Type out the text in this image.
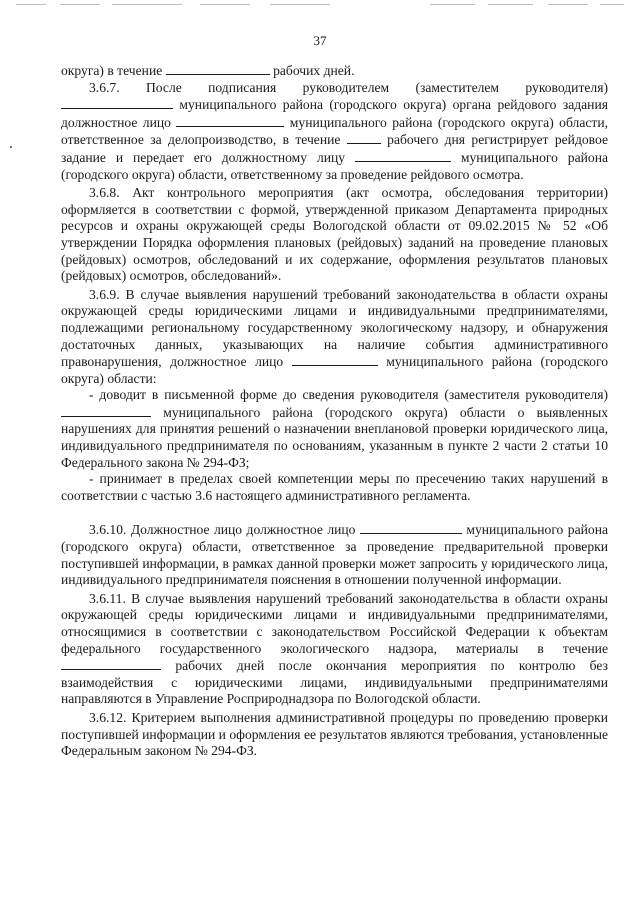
37

округа) в течение	рабочих дней.

3.6.7. После подписания руководителем (заместителем руководителя)  муниципального района (городского округа) органа рейдового задания должностное лицо	муниципального района (городского округа) области, ответственное за делопроизводство, в течение	рабочего дня регистрирует рейдовое задание и передает его должностному лицу	муниципального района (городского округа) области, ответственному за проведение рейдового осмотра.

3.6.8. Акт контрольного мероприятия (акт осмотра, обследования территории) оформляется в соответствии с формой, утвержденной приказом Департамента природных ресурсов и охраны окружающей среды Вологодской области от 09.02.2015 № 52 «Об утверждении Порядка оформления плановых (рейдовых) заданий на проведение плановых (рейдовых) осмотров, обследований и их содержание, оформления результатов плановых (рейдовых) осмотров, обследований».

3.6.9. В случае выявления нарушений требований законодательства в области охраны окружающей среды юридическими лицами и индивидуальными предпринимателями, подлежащими региональному государственному экологическому надзору, и обнаружения достаточных данных, указывающих на наличие события административного правонарушения, должностное лицо	муниципального района (городского округа) области:

- доводит в письменной форме до сведения руководителя (заместителя руководителя)  муниципального района (городского округа) области о выявленных нарушениях для принятия решений о назначении внеплановой проверки юридического лица, индивидуального предпринимателя по основаниям, указанным в пункте 2 части 2 статьи 10 Федерального закона № 294-ФЗ;

- принимает в пределах своей компетенции меры по пресечению таких нарушений в соответствии с частью 3.6 настоящего административного регламента.

3.6.10. Должностное лицо должностное лицо	муниципального района (городского округа) области, ответственное за проведение предварительной проверки поступившей информации, в рамках данной проверки может запросить у юридического лица, индивидуального предпринимателя пояснения в отношении полученной информации.

3.6.11. В случае выявления нарушений требований законодательства в области охраны окружающей среды юридическими лицами и индивидуальными предпринимателями, относящимися в соответствии с законодательством Российской Федерации к объектам федерального государственного экологического надзора, материалы в течение  рабочих дней после окончания мероприятия по контролю без взаимодействия с юридическими лицами, индивидуальными предпринимателями направляются в Управление Росприроднадзора по Вологодской области.

3.6.12. Критерием выполнения административной процедуры по проведению проверки поступившей информации и оформления ее результатов являются требования, установленные Федеральным законом № 294-ФЗ.
